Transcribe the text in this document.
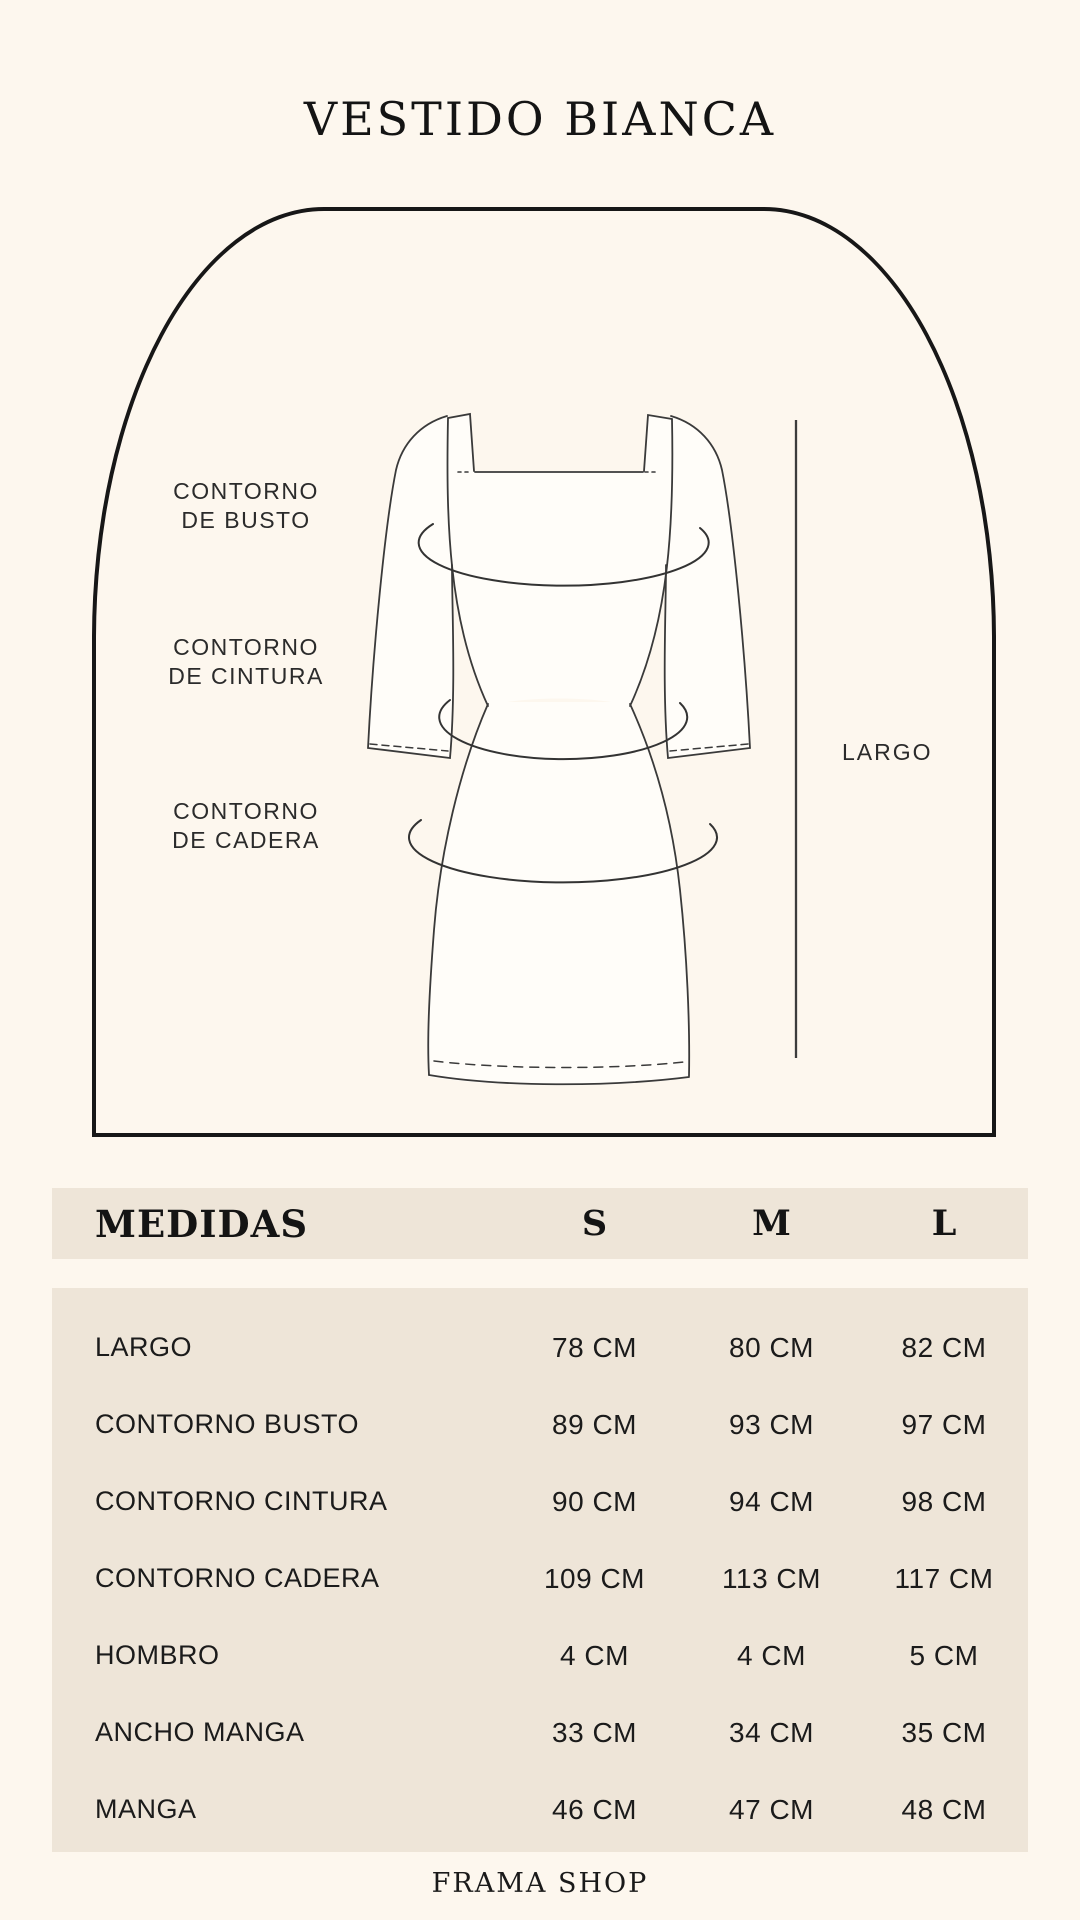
VESTIDO BIANCA
CONTORNO
DE BUSTO
CONTORNO
DE CINTURA
CONTORNO
DE CADERA
LARGO
MEDIDAS	S	M	L
LARGO	78 CM	80 CM	82 CM
CONTORNO BUSTO	89 CM	93 CM	97 CM
CONTORNO CINTURA	90 CM	94 CM	98 CM
CONTORNO CADERA	109 CM	113 CM	117 CM
HOMBRO	4 CM	4 CM	5 CM
ANCHO MANGA	33 CM	34 CM	35 CM
MANGA	46 CM	47 CM	48 CM
FRAMA SHOP
